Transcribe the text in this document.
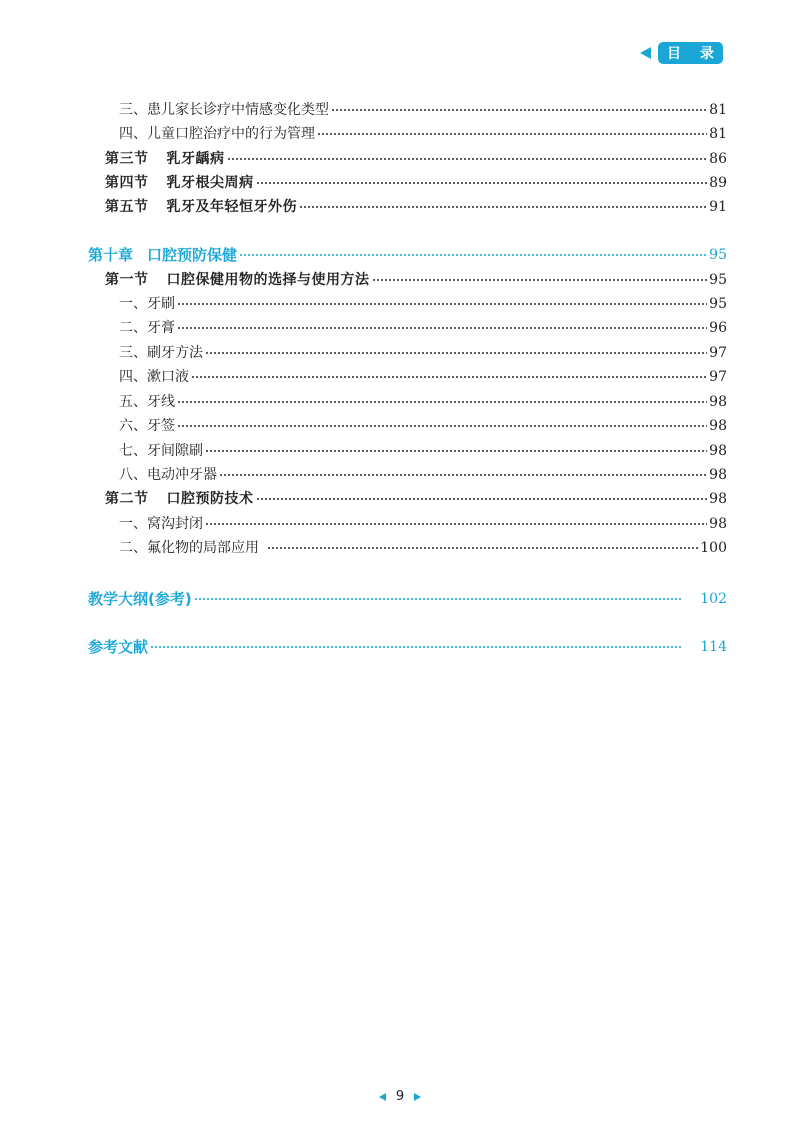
目 录
三、患儿家长诊疗中情感变化类型	81
四、儿童口腔治疗中的行为管理	81
第三节 乳牙龋病	86
第四节 乳牙根尖周病	89
第五节 乳牙及年轻恒牙外伤	91
第十章 口腔预防保健	95
第一节 口腔保健用物的选择与使用方法	95
一、牙刷	95
二、牙膏	96
三、刷牙方法	97
四、漱口液	97
五、牙线	98
六、牙签	98
七、牙间隙刷	98
八、电动冲牙器	98
第二节 口腔预防技术	98
一、窝沟封闭	98
二、氟化物的局部应用	100
教学大纲(参考)	102
参考文献	114
9
